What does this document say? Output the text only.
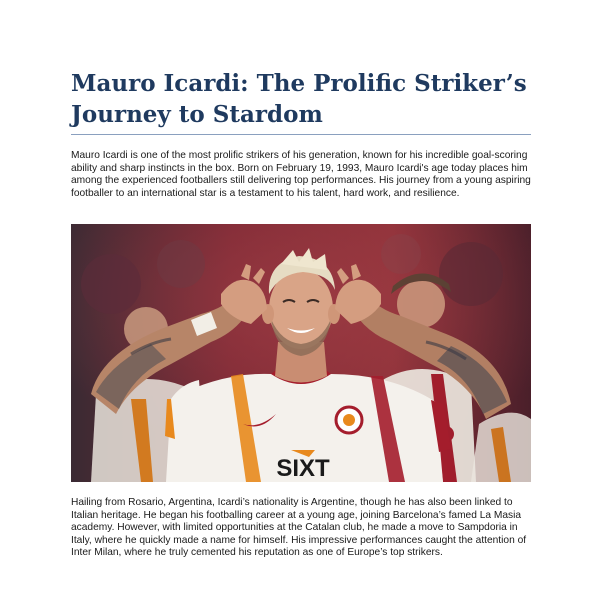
Mauro Icardi: The Prolific Striker’s Journey to Stardom

Mauro Icardi is one of the most prolific strikers of his generation, known for his incredible goal-scoring ability and sharp instincts in the box. Born on February 19, 1993, Mauro Icardi's age today places him among the experienced footballers still delivering top performances. His journey from a young aspiring footballer to an international star is a testament to his talent, hard work, and resilience.

SIXT

Hailing from Rosario, Argentina, Icardi’s nationality is Argentine, though he has also been linked to Italian heritage. He began his footballing career at a young age, joining Barcelona’s famed La Masia academy. However, with limited opportunities at the Catalan club, he made a move to Sampdoria in Italy, where he quickly made a name for himself. His impressive performances caught the attention of Inter Milan, where he truly cemented his reputation as one of Europe’s top strikers.
